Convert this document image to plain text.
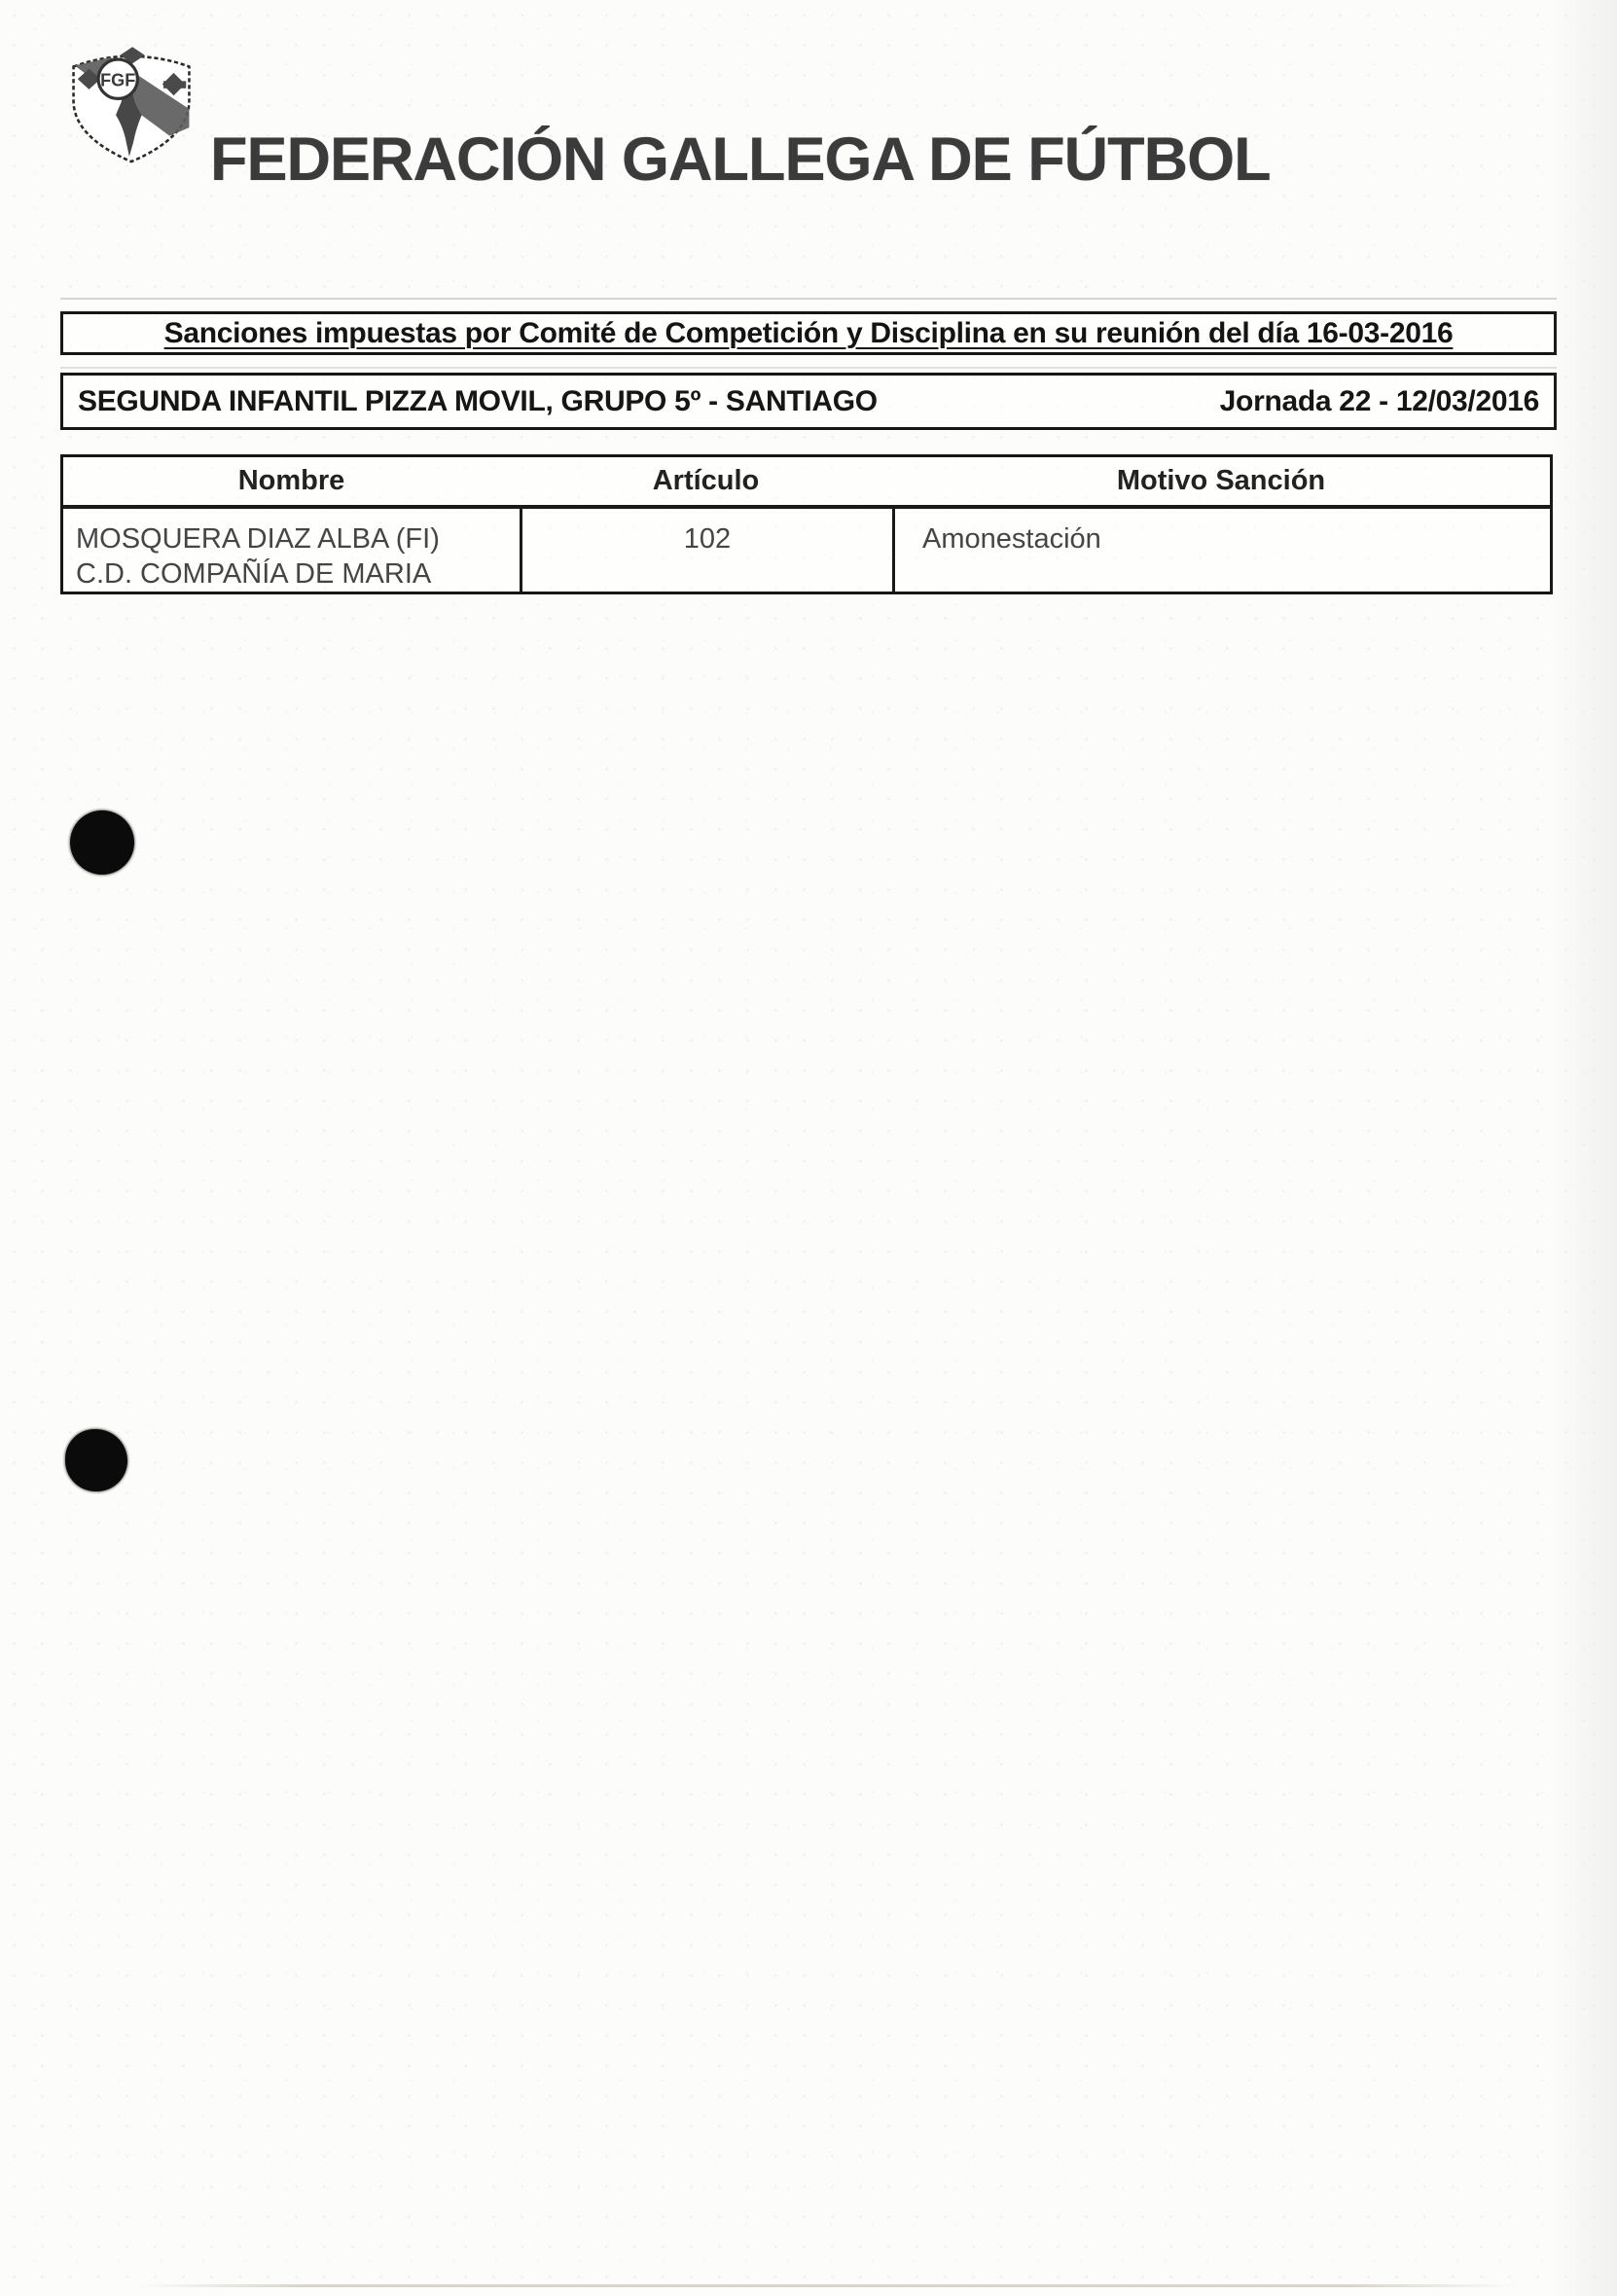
FGF
FEDERACIÓN GALLEGA DE FÚTBOL
Sanciones impuestas por Comité de Competición y Disciplina en su reunión del día 16-03-2016
SEGUNDA INFANTIL PIZZA MOVIL, GRUPO 5º - SANTIAGO	Jornada 22 - 12/03/2016
Nombre	Artículo	Motivo Sanción
MOSQUERA DIAZ ALBA (FI)
C.D. COMPAÑÍA DE MARIA
102	Amonestación
